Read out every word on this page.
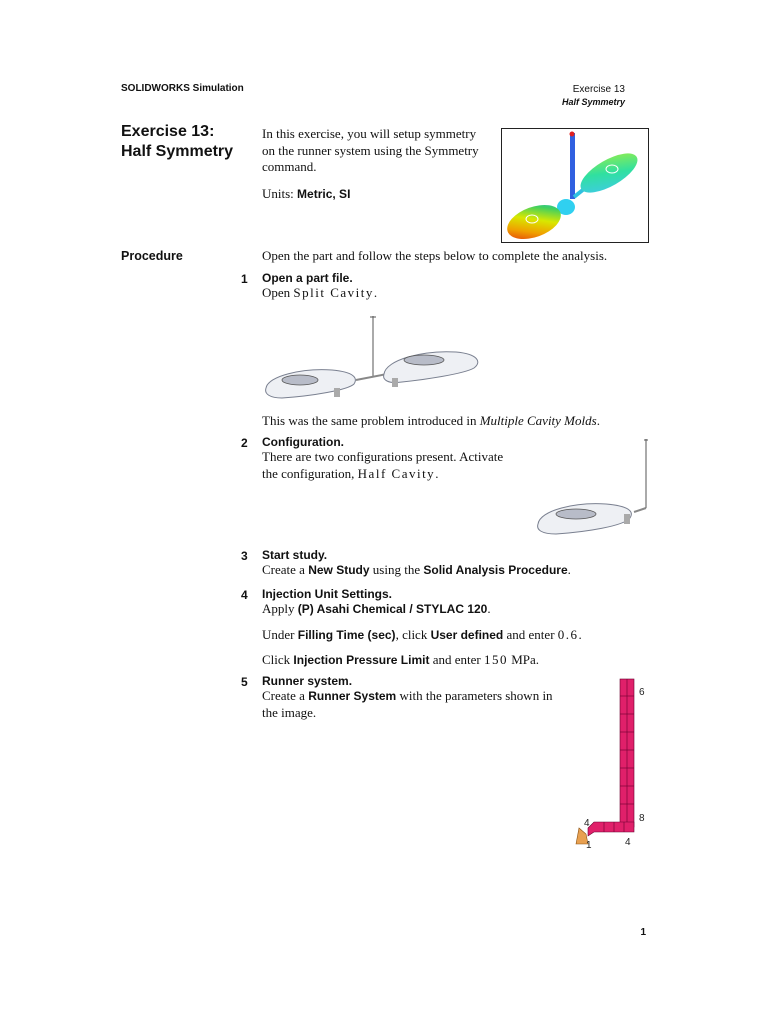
SOLIDWORKS Simulation	Exercise 13
Half Symmetry
Exercise 13:
Half Symmetry
In this exercise, you will setup symmetry
on the runner system using the Symmetry
command.
Units: Metric, SI
Procedure	Open the part and follow the steps below to complete the analysis.
1 Open a part file.
Open Split Cavity.
This was the same problem introduced in Multiple Cavity Molds.
2 Configuration.
There are two configurations present. Activate
the configuration, Half Cavity.
3 Start study.
Create a New Study using the Solid Analysis Procedure.
4 Injection Unit Settings.
Apply (P) Asahi Chemical / STYLAC 120.
Under Filling Time (sec), click User defined and enter 0.6.
Click Injection Pressure Limit and enter 150 MPa.
5 Runner system.
Create a Runner System with the parameters shown in
the image.
6
8
4
1	4
1
